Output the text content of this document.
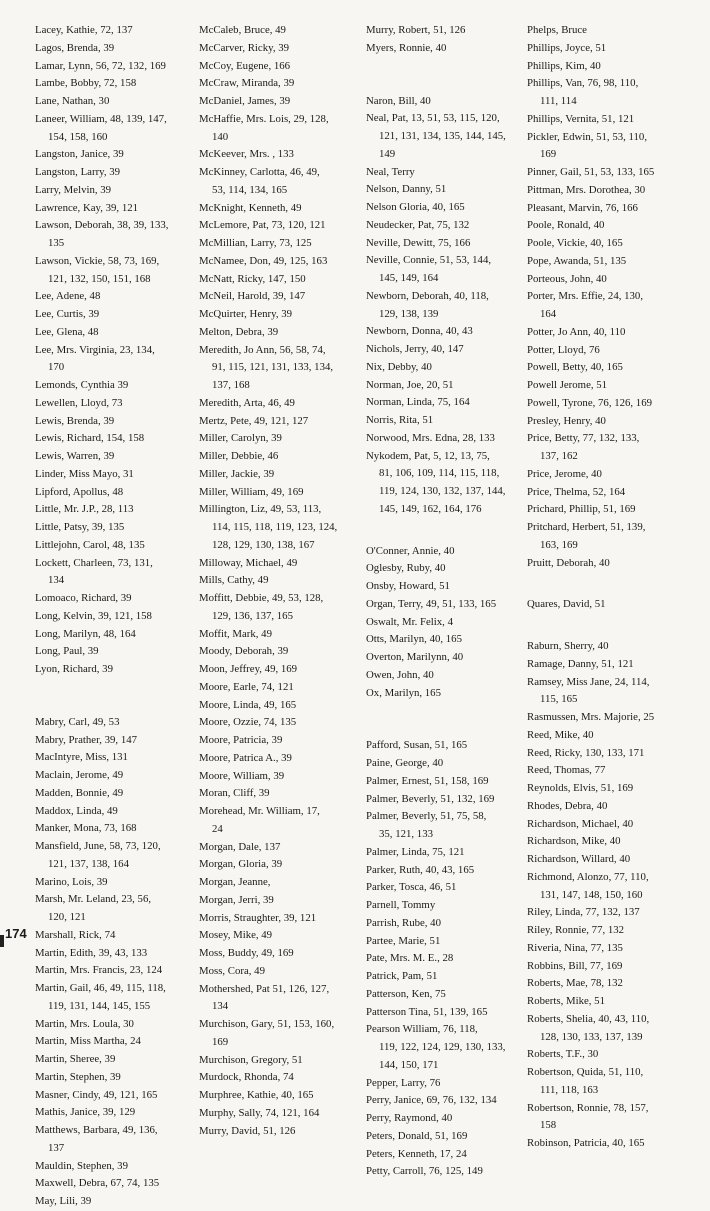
Lacey, Kathie, 72, 137
Lagos, Brenda, 39
Lamar, Lynn, 56, 72, 132, 169
Lambe, Bobby, 72, 158
Lane, Nathan, 30
Laneer, William, 48, 139, 147,
154, 158, 160
Langston, Janice, 39
Langston, Larry, 39
Larry, Melvin, 39
Lawrence, Kay, 39, 121
Lawson, Deborah, 38, 39, 133,
135
Lawson, Vickie, 58, 73, 169,
121, 132, 150, 151, 168
Lee, Adene, 48
Lee, Curtis, 39
Lee, Glena, 48
Lee, Mrs. Virginia, 23, 134,
170
Lemonds, Cynthia 39
Lewellen, Lloyd, 73
Lewis, Brenda, 39
Lewis, Richard, 154, 158
Lewis, Warren, 39
Linder, Miss Mayo, 31
Lipford, Apollus, 48
Little, Mr. J.P., 28, 113
Little, Patsy, 39, 135
Littlejohn, Carol, 48, 135
Lockett, Charleen, 73, 131,
134
Lomoaco, Richard, 39
Long, Kelvin, 39, 121, 158
Long, Marilyn, 48, 164
Long, Paul, 39
Lyon, Richard, 39
Mabry, Carl, 49, 53
Mabry, Prather, 39, 147
MacIntyre, Miss, 131
Maclain, Jerome, 49
Madden, Bonnie, 49
Maddox, Linda, 49
Manker, Mona, 73, 168
Mansfield, June, 58, 73, 120,
121, 137, 138, 164
Marino, Lois, 39
Marsh, Mr. Leland, 23, 56,
120, 121
Marshall, Rick, 74
Martin, Edith, 39, 43, 133
Martin, Mrs. Francis, 23, 124
Martin, Gail, 46, 49, 115, 118,
119, 131, 144, 145, 155
Martin, Mrs. Loula, 30
Martin, Miss Martha, 24
Martin, Sheree, 39
Martin, Stephen, 39
Masner, Cindy, 49, 121, 165
Mathis, Janice, 39, 129
Matthews, Barbara, 49, 136,
137
Mauldin, Stephen, 39
Maxwell, Debra, 67, 74, 135
May, Lili, 39
McCaleb, Bruce, 49
McCarver, Ricky, 39
McCoy, Eugene, 166
McCraw, Miranda, 39
McDaniel, James, 39
McHaffie, Mrs. Lois, 29, 128,
140
McKeever, Mrs. , 133
McKinney, Carlotta, 46, 49,
53, 114, 134, 165
McKnight, Kenneth, 49
McLemore, Pat, 73, 120, 121
McMillian, Larry, 73, 125
McNamee, Don, 49, 125, 163
McNatt, Ricky, 147, 150
McNeil, Harold, 39, 147
McQuirter, Henry, 39
Melton, Debra, 39
Meredith, Jo Ann, 56, 58, 74,
91, 115, 121, 131, 133, 134,
137, 168
Meredith, Arta, 46, 49
Mertz, Pete, 49, 121, 127
Miller, Carolyn, 39
Miller, Debbie, 46
Miller, Jackie, 39
Miller, William, 49, 169
Millington, Liz, 49, 53, 113,
114, 115, 118, 119, 123, 124,
128, 129, 130, 138, 167
Milloway, Michael, 49
Mills, Cathy, 49
Moffitt, Debbie, 49, 53, 128,
129, 136, 137, 165
Moffit, Mark, 49
Moody, Deborah, 39
Moon, Jeffrey, 49, 169
Moore, Earle, 74, 121
Moore, Linda, 49, 165
Moore, Ozzie, 74, 135
Moore, Patricia, 39
Moore, Patrica A., 39
Moore, William, 39
Moran, Cliff, 39
Morehead, Mr. William, 17,
24
Morgan, Dale, 137
Morgan, Gloria, 39
Morgan, Jeanne,
Morgan, Jerri, 39
Morris, Straughter, 39, 121
Mosey, Mike, 49
Moss, Buddy, 49, 169
Moss, Cora, 49
Mothershed, Pat 51, 126, 127,
134
Murchison, Gary, 51, 153, 160,
169
Murchison, Gregory, 51
Murdock, Rhonda, 74
Murphree, Kathie, 40, 165
Murphy, Sally, 74, 121, 164
Murry, David, 51, 126
Murry, Robert, 51, 126
Myers, Ronnie, 40
Naron, Bill, 40
Neal, Pat, 13, 51, 53, 115, 120,
121, 131, 134, 135, 144, 145,
149
Neal, Terry
Nelson, Danny, 51
Nelson Gloria, 40, 165
Neudecker, Pat, 75, 132
Neville, Dewitt, 75, 166
Neville, Connie, 51, 53, 144,
145, 149, 164
Newborn, Deborah, 40, 118,
129, 138, 139
Newborn, Donna, 40, 43
Nichols, Jerry, 40, 147
Nix, Debby, 40
Norman, Joe, 20, 51
Norman, Linda, 75, 164
Norris, Rita, 51
Norwood, Mrs. Edna, 28, 133
Nykodem, Pat, 5, 12, 13, 75,
81, 106, 109, 114, 115, 118,
119, 124, 130, 132, 137, 144,
145, 149, 162, 164, 176
O'Conner, Annie, 40
Oglesby, Ruby, 40
Onsby, Howard, 51
Organ, Terry, 49, 51, 133, 165
Oswalt, Mr. Felix, 4
Otts, Marilyn, 40, 165
Overton, Marilynn, 40
Owen, John, 40
Ox, Marilyn, 165
Pafford, Susan, 51, 165
Paine, George, 40
Palmer, Ernest, 51, 158, 169
Palmer, Beverly, 51, 132, 169
Palmer, Beverly, 51, 75, 58,
35, 121, 133
Palmer, Linda, 75, 121
Parker, Ruth, 40, 43, 165
Parker, Tosca, 46, 51
Parnell, Tommy
Parrish, Rube, 40
Partee, Marie, 51
Pate, Mrs. M. E., 28
Patrick, Pam, 51
Patterson, Ken, 75
Patterson Tina, 51, 139, 165
Pearson William, 76, 118,
119, 122, 124, 129, 130, 133,
144, 150, 171
Pepper, Larry, 76
Perry, Janice, 69, 76, 132, 134
Perry, Raymond, 40
Peters, Donald, 51, 169
Peters, Kenneth, 17, 24
Petty, Carroll, 76, 125, 149
Phelps, Bruce
Phillips, Joyce, 51
Phillips, Kim, 40
Phillips, Van, 76, 98, 110,
111, 114
Phillips, Vernita, 51, 121
Pickler, Edwin, 51, 53, 110,
169
Pinner, Gail, 51, 53, 133, 165
Pittman, Mrs. Dorothea, 30
Pleasant, Marvin, 76, 166
Poole, Ronald, 40
Poole, Vickie, 40, 165
Pope, Awanda, 51, 135
Porteous, John, 40
Porter, Mrs. Effie, 24, 130,
164
Potter, Jo Ann, 40, 110
Potter, Lloyd, 76
Powell, Betty, 40, 165
Powell Jerome, 51
Powell, Tyrone, 76, 126, 169
Presley, Henry, 40
Price, Betty, 77, 132, 133,
137, 162
Price, Jerome, 40
Price, Thelma, 52, 164
Prichard, Phillip, 51, 169
Pritchard, Herbert, 51, 139,
163, 169
Pruitt, Deborah, 40
Quares, David, 51
Raburn, Sherry, 40
Ramage, Danny, 51, 121
Ramsey, Miss Jane, 24, 114,
115, 165
Rasmussen, Mrs. Majorie, 25
Reed, Mike, 40
Reed, Ricky, 130, 133, 171
Reed, Thomas, 77
Reynolds, Elvis, 51, 169
Rhodes, Debra, 40
Richardson, Michael, 40
Richardson, Mike, 40
Richardson, Willard, 40
Richmond, Alonzo, 77, 110,
131, 147, 148, 150, 160
Riley, Linda, 77, 132, 137
Riley, Ronnie, 77, 132
Riveria, Nina, 77, 135
Robbins, Bill, 77, 169
Roberts, Mae, 78, 132
Roberts, Mike, 51
Roberts, Shelia, 40, 43, 110,
128, 130, 133, 137, 139
Roberts, T.F., 30
Robertson, Quida, 51, 110,
111, 118, 163
Robertson, Ronnie, 78, 157,
158
Robinson, Patricia, 40, 165
174
